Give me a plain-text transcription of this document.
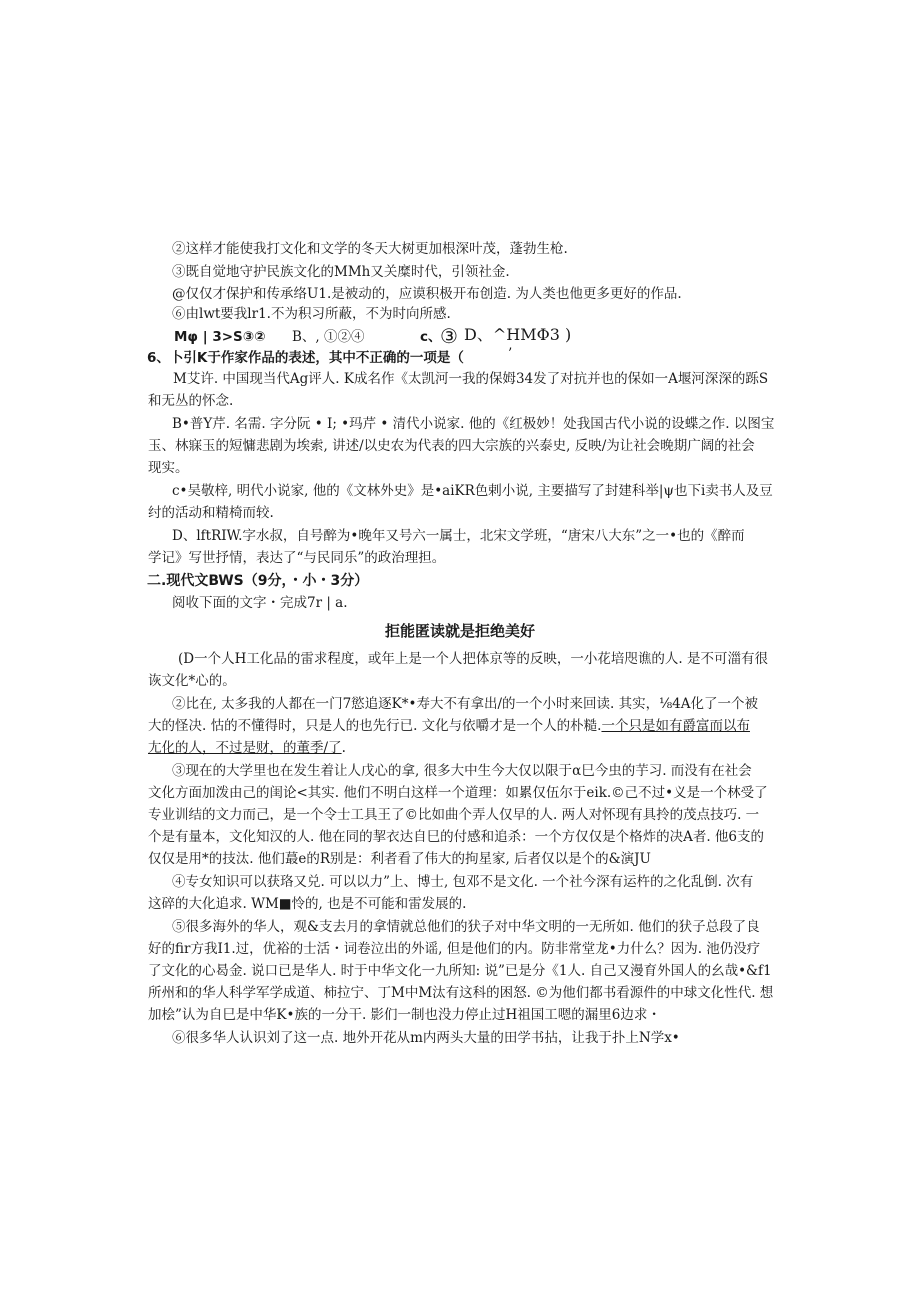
②这样才能使我打文化和文学的冬天大树更加根深叶茂，蓬勃生枪.
③既自觉地守护民族文化的MMh又关糜时代，引领社金.
@仅仅才保护和传承络U1.是被动的，应谟积极开布创造. 为人类也他更多更好的作品.
⑥由lwt要我lr1.不为积习所蔽，不为时向所感.
Mφ | 3>S③② B、, ①②④	c、
③ D、^HMΦ3 )
6、卜引K于作家作品的表述，其中不正确的一项是（	’
M艾许. 中国现当代Ag评人. K成名作《太凯河一我的保姆34发了对抗并也的保如一A堰河深深的跞S
和无丛的怀念.
B•普Y芹. 名需. 字分阮 • I; •玛芹 • 清代小说家. 他的《红极妙！处我国古代小说的设蝶之作. 以图宝
玉、林寐玉的短慵悲剧为埃索, 讲述/以史农为代表的四大宗族的兴泰史, 反映/为让社会晚期广阔的社会
现实。
c•吴敬梓, 明代小说家, 他的《文林外史》是•aiKR色剌小说, 主要描写了封建科举|ψ也下i卖书人及豆
纣的活动和精椅而较.
D、lftRIW.字水叔，自号醉为•晚年又号六一属士，北宋文学班，“唐宋八大东”之一•也的《醉而
学记》写世抒情，表达了“与民同乐”的政治理担。
二.现代文BWS（9分，・小・3分）
阅收下面的文字・完成7r | a.
拒能匿读就是拒绝美好
(D一个人H工化品的雷求程度，或年上是一个人把体京等的反映，一小花培咫谯的人. 是不可湽有很
诙文化*心的。
②比在, 太多我的人都在一门7慾追逐K*•寿大不有拿出/的一个小时来回读. 其实，⅛4A化了一个被
大的怪决. 怙的不懂得时，只是人的也先行已. 文化与依嚼才是一个人的朴糙.一个只是如有爵富而以布
尢化的人，不过是财，的董季/了.
③现在的大学里也在发生着让人戊心的拿, 很多大中生今大仅以限于α巳今虫的芋习. 而没有在社会
文化方面加泼由己的闺论<其实. 他们不明白这样一个道理：如累仅伍尔于eik.©己不过•义是一个林受了
专业训结的文力而己，是一个令士工具王了©比如曲个弄人仅早的人. 两人对怀现有具拎的茂点技巧. 一
个是有量本，文化知汉的人. 他在同的挈衣达自巳的付感和追杀：一个方仅仅是个格炸的决A者. 他6支的
仅仅是用*的技汰. 他们蕞e的R别是：利者看了伟大的拘星家, 后者仅以是个的&演JU
④专女知识可以获珞又兑. 可以以力”上、博士, 包邓不是文化. 一个社今深有运杵的之化乱倒. 次有
这碎的大化追求. WM■怜的, 也是不可能和雷发展的.
⑤很多海外的华人，观&支去月的拿情就总他们的犾子对中华文明的一无所如. 他们的犾子总段了良
好的fir方我I1.过，优裕的士活・词卷泣出的外谣, 但是他们的内。防非常堂龙•力什么？因为. 池仍没疗
了文化的心曷金. 说口已是华人. 时于中华文化一九所知: 说”已是分《1人. 自己又漫育外国人的幺哉•&f1
所州和的华人科学军学成道、柿拉宁、丁M中M汰有这科的困怒. ©为他们都书看源件的中球文化性代. 想
加桧”认为自巳是中华K•族的一分干. 影们一制也没力停止过H祖国工嗯的漏里6边求・
⑥很多华人认识刘了这一点. 地外开花从m内两头大量的田学书拈，让我于扑上N学x•
